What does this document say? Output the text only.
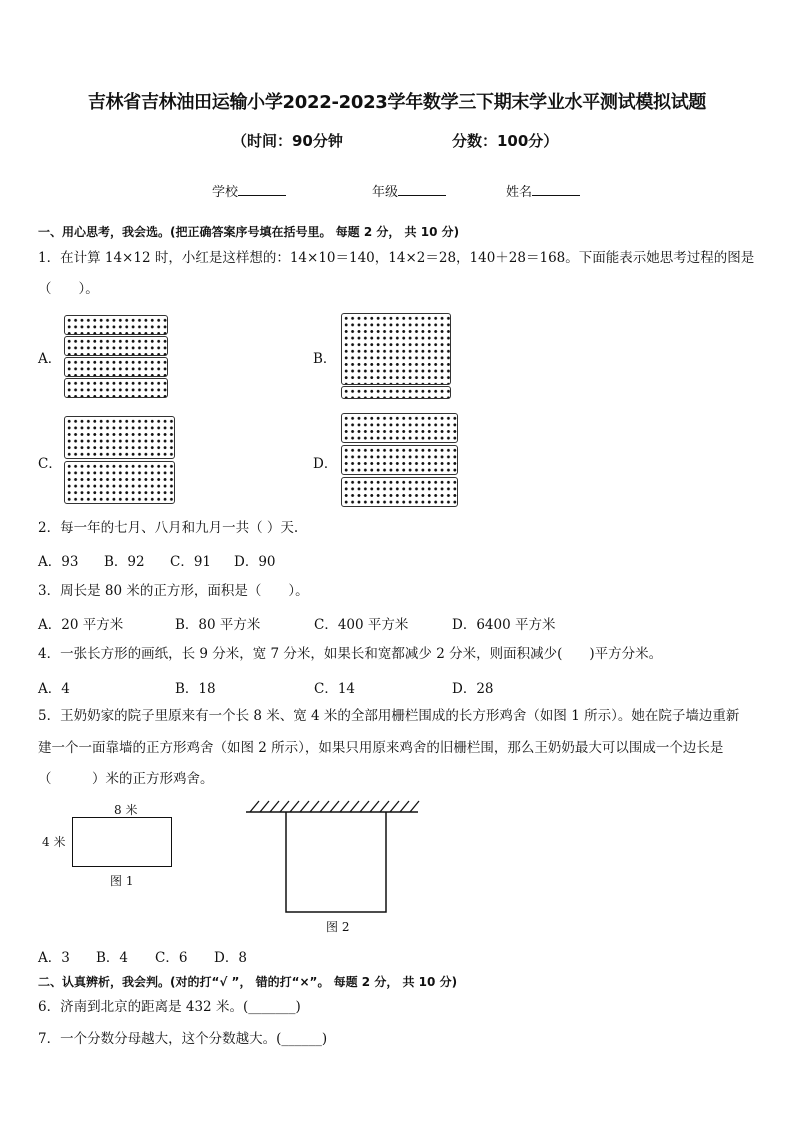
吉林省吉林油田运输小学2022-2023学年数学三下期末学业水平测试模拟试题
（时间：90分钟	分数：100分）
学校	年级	姓名
一、用心思考，我会选。(把正确答案序号填在括号里。 每题 2 分， 共 10 分)
1．在计算 14×12 时，小红是这样想的：14×10＝140，14×2＝28，140＋28＝168。下面能表示她思考过程的图是
（　　）。
A．	B．
C．	D．
2．每一年的七月、八月和九月一共（ ）天.
A．93 B．92 C．91 D．90
3．周长是 80 米的正方形，面积是（　　）。
A．20 平方米	B．80 平方米	C．400 平方米	D．6400 平方米
4．一张长方形的画纸，长 9 分米，宽 7 分米，如果长和宽都减少 2 分米，则面积减少(　　)平方分米。
A．4	B．18	C．14	D．28
5．王奶奶家的院子里原来有一个长 8 米、宽 4 米的全部用栅栏围成的长方形鸡舍（如图 1 所示）。她在院子墙边重新
建一个一面靠墙的正方形鸡舍（如图 2 所示），如果只用原来鸡舍的旧栅栏围，那么王奶奶最大可以围成一个边长是
（　　　）米的正方形鸡舍。
8 米
4 米
图 1
图 2
A．3 B．4 C．6 D．8
二、认真辨析，我会判。(对的打“√ ”， 错的打“×”。 每题 2 分， 共 10 分)
6．济南到北京的距离是 432 米。(_______)
7．一个分数分母越大，这个分数越大。(______)
